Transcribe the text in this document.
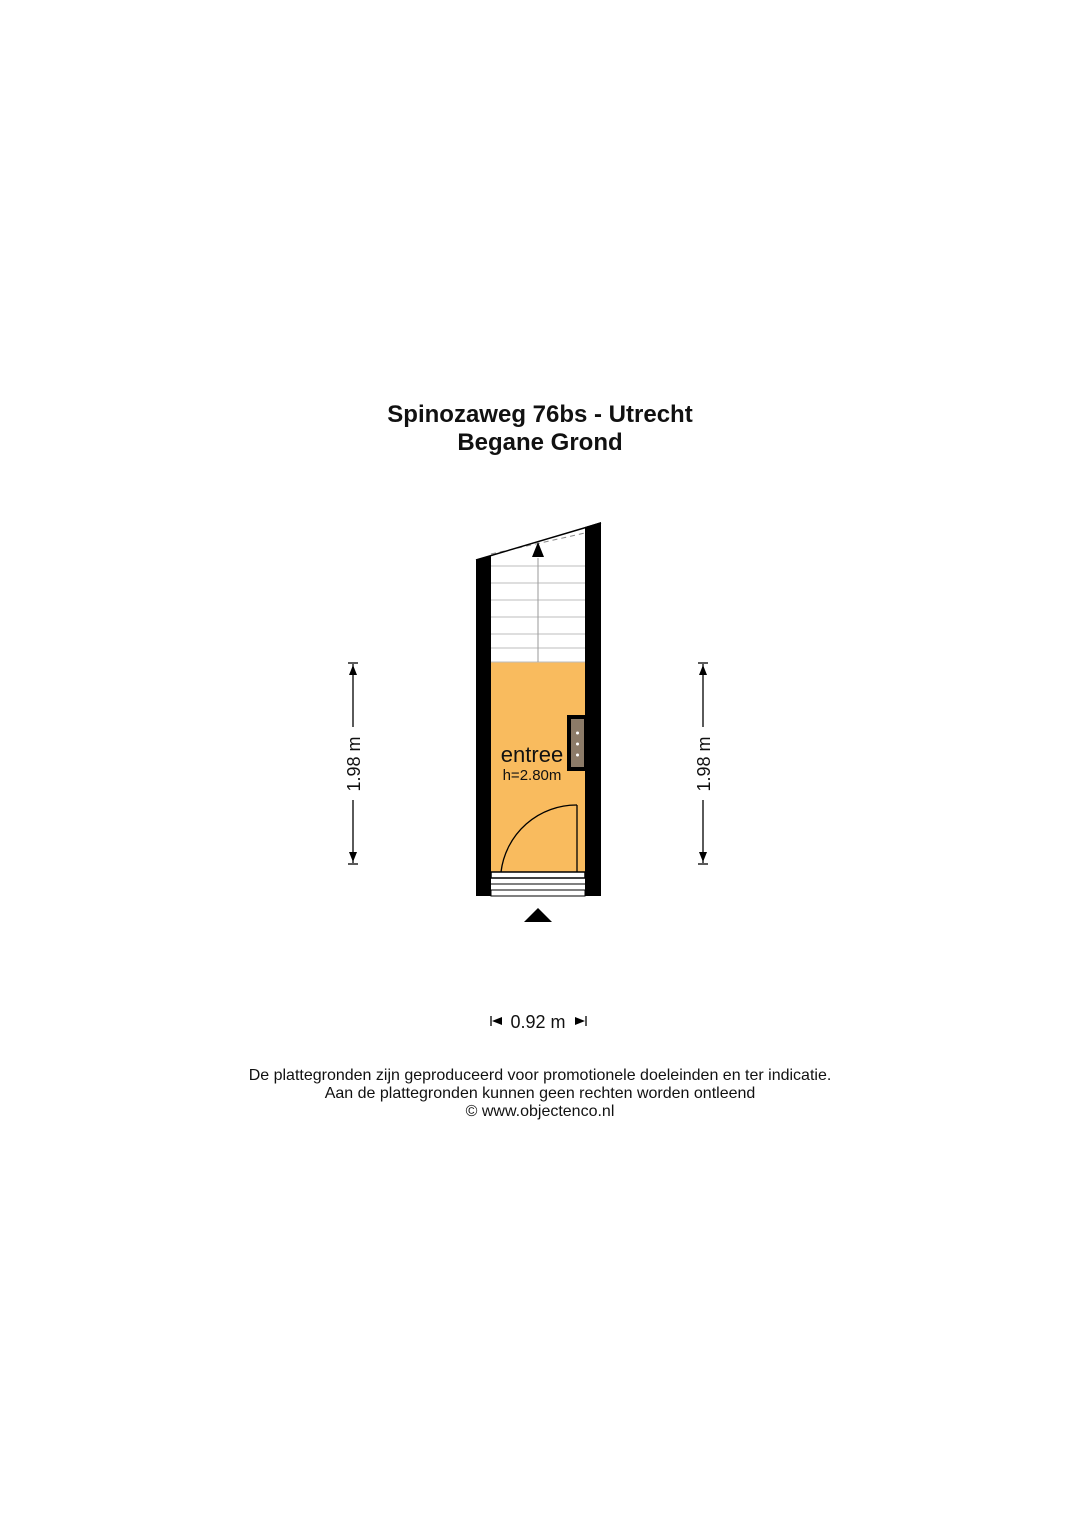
Spinozaweg 76bs - Utrecht
Begane Grond
entree
h=2.80m
1.98 m	1.98 m
0.92 m
De plattegronden zijn geproduceerd voor promotionele doeleinden en ter indicatie.
Aan de plattegronden kunnen geen rechten worden ontleend
© www.objectenco.nl
